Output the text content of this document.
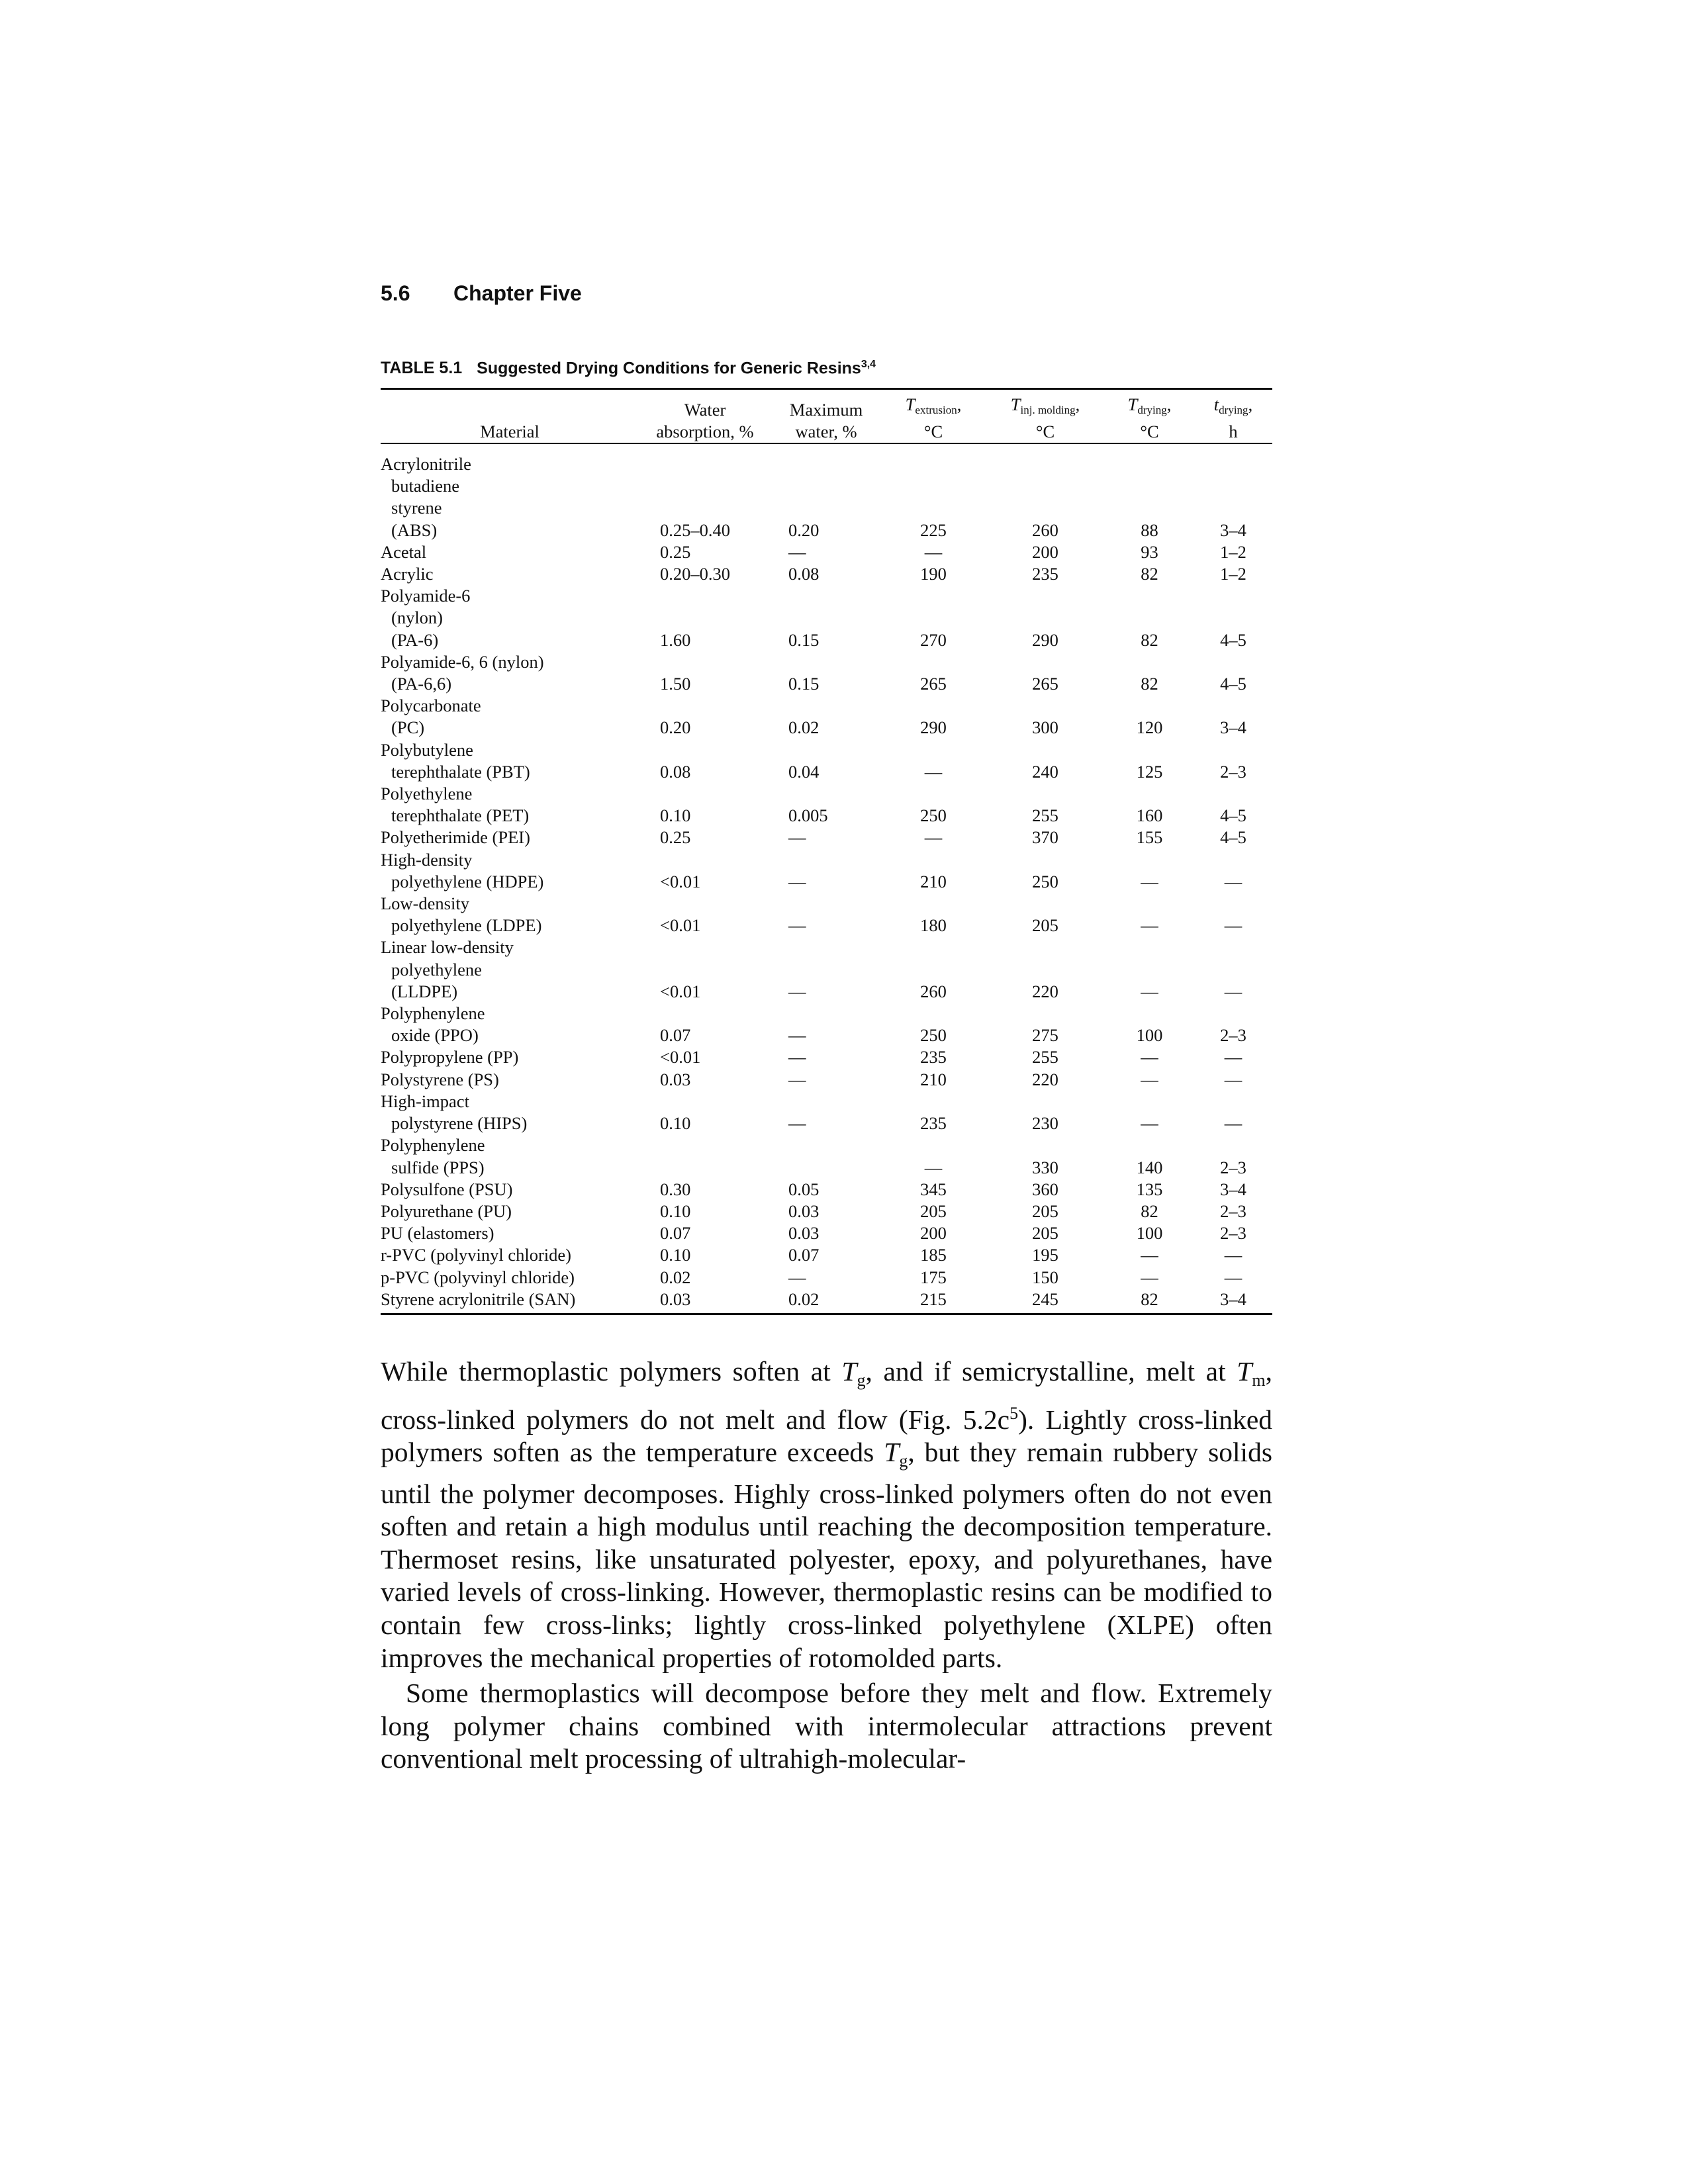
5.6 Chapter Five
TABLE 5.1 Suggested Drying Conditions for Generic Resins$^{3,4}$
	Water	Maximum	$T_{extrusion}$,	$T_{inj. molding}$,	$T_{drying}$,	$t_{drying}$,
Material	absorption, %	water, %	°C	°C	°C	h

Acrylonitrile
butadiene
styrene
(ABS)	0.25–0.40	0.20	225	260	88	3–4

Acetal	0.25	—	—	200	93	1–2

Acrylic	0.20–0.30	0.08	190	235	82	1–2

Polyamide-6
(nylon)
(PA-6)	1.60	0.15	270	290	82	4–5

Polyamide-6, 6 (nylon)
(PA-6,6)	1.50	0.15	265	265	82	4–5

Polycarbonate
(PC)	0.20	0.02	290	300	120	3–4

Polybutylene
terephthalate (PBT)	0.08	0.04	—	240	125	2–3

Polyethylene
terephthalate (PET)	0.10	0.005	250	255	160	4–5

Polyetherimide (PEI)	0.25	—	—	370	155	4–5

High-density
polyethylene (HDPE)	<0.01	—	210	250	—	—

Low-density
polyethylene (LDPE)	<0.01	—	180	205	—	—

Linear low-density
polyethylene
(LLDPE)	<0.01	—	260	220	—	—

Polyphenylene
oxide (PPO)	0.07	—	250	275	100	2–3

Polypropylene (PP)	<0.01	—	235	255	—	—

Polystyrene (PS)	0.03	—	210	220	—	—

High-impact
polystyrene (HIPS)	0.10	—	235	230	—	—

Polyphenylene
sulfide (PPS)			—	330	140	2–3

Polysulfone (PSU)	0.30	0.05	345	360	135	3–4

Polyurethane (PU)	0.10	0.03	205	205	82	2–3

PU (elastomers)	0.07	0.03	200	205	100	2–3

r-PVC (polyvinyl chloride)	0.10	0.07	185	195	—	—

p-PVC (polyvinyl chloride)	0.02	—	175	150	—	—

Styrene acrylonitrile (SAN)	0.03	0.02	215	245	82	3–4

While thermoplastic polymers soften at $T_g$, and if semicrystalline, melt at $T_m$, cross-linked polymers do not melt and flow (Fig. $5.2c^5$). Lightly cross-linked polymers soften as the temperature exceeds $T_g$, but they remain rubbery solids until the polymer decomposes. Highly cross-linked polymers often do not even soften and retain a high modulus until reaching the decomposition temperature. Thermoset resins, like unsaturated polyester, epoxy, and polyurethanes, have varied levels of cross-linking. However, thermoplastic resins can be modified to contain few cross-links; lightly cross-linked polyethylene (XLPE) often improves the mechanical properties of rotomolded parts.

Some thermoplastics will decompose before they melt and flow. Extremely long polymer chains combined with intermolecular attractions prevent conventional melt processing of ultrahigh-molecular-
